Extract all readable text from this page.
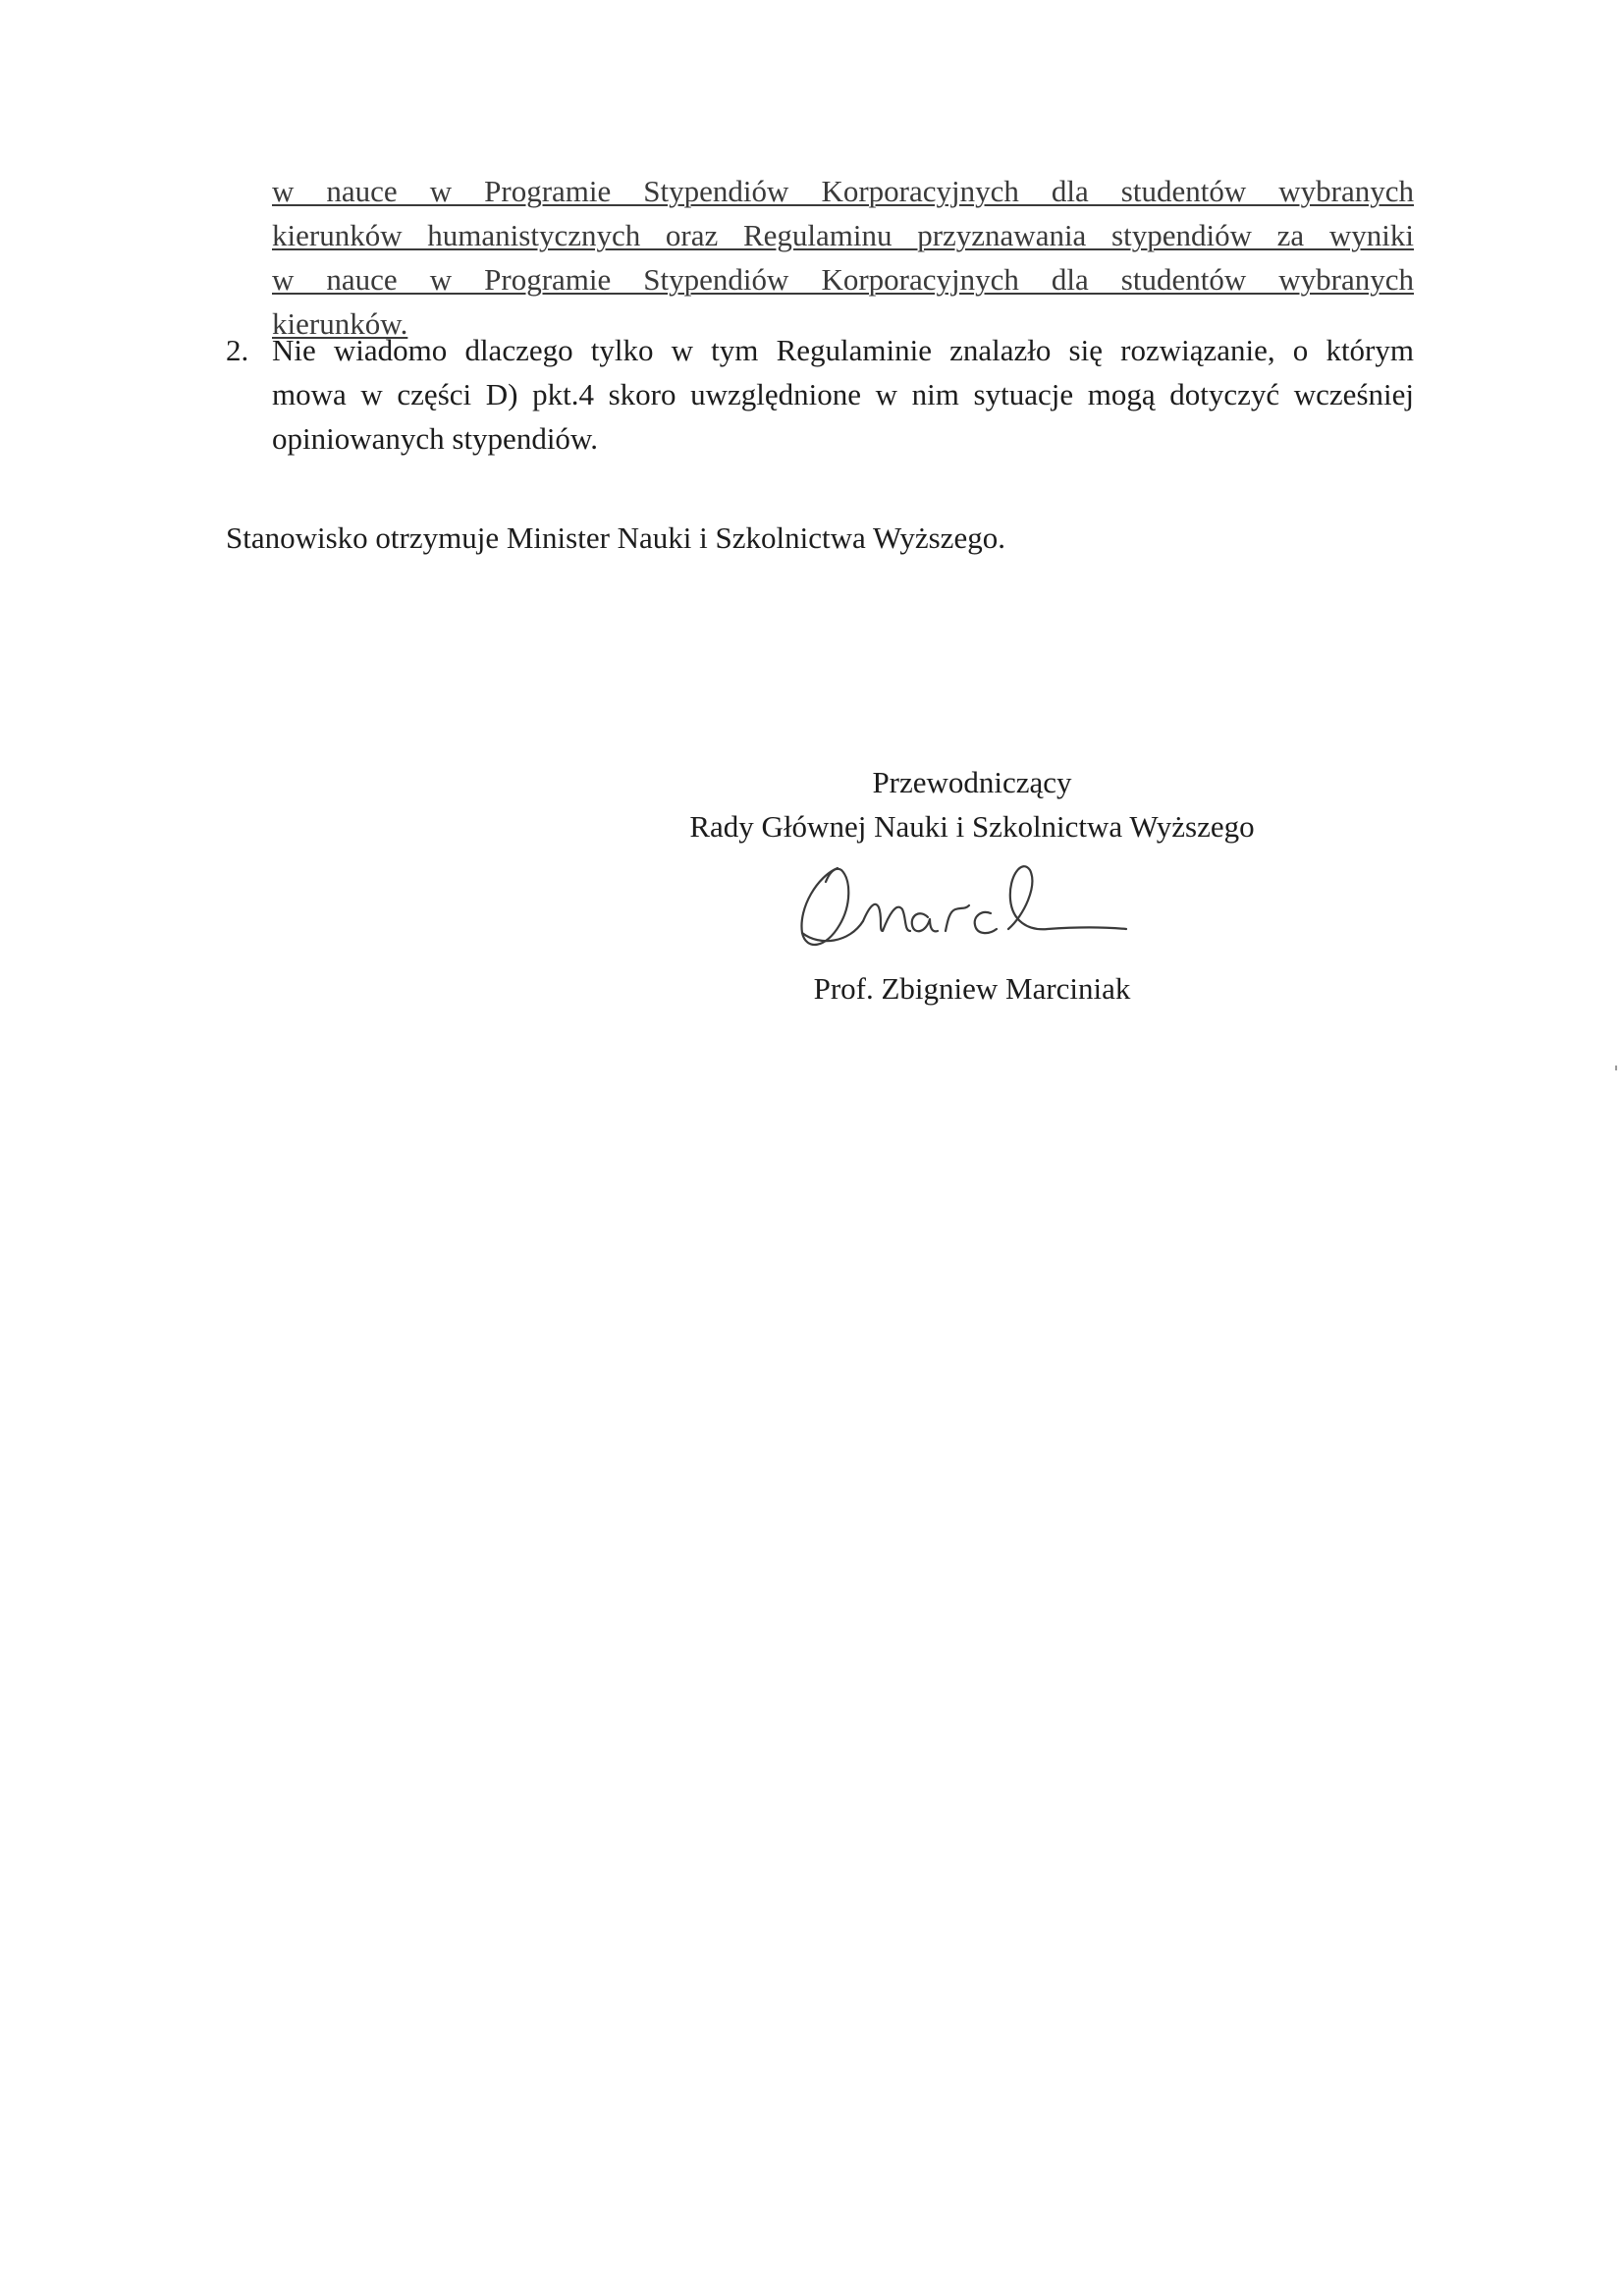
w nauce w Programie Stypendiów Korporacyjnych dla studentów wybranych
kierunków humanistycznych oraz Regulaminu przyznawania stypendiów za wyniki
w nauce w Programie Stypendiów Korporacyjnych dla studentów wybranych
kierunków.
2. Nie wiadomo dlaczego tylko w tym Regulaminie znalazło się rozwiązanie, o którym
mowa w części D) pkt.4 skoro uwzględnione w nim sytuacje mogą dotyczyć wcześniej
opiniowanych stypendiów.
Stanowisko otrzymuje Minister Nauki i Szkolnictwa Wyższego.
Przewodniczący
Rady Głównej Nauki i Szkolnictwa Wyższego
Prof. Zbigniew Marciniak
